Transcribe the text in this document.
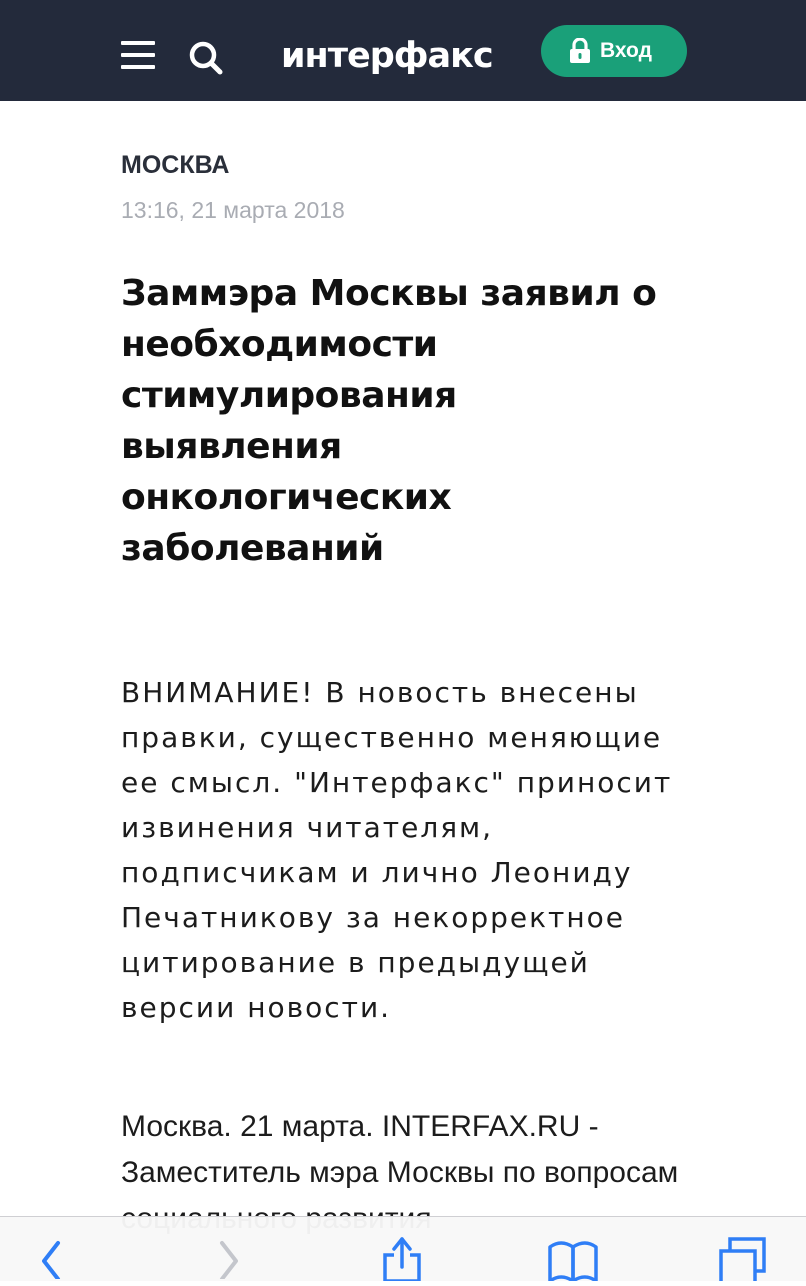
интерфакс	Вход
МОСКВА
13:16, 21 марта 2018
Заммэра Москвы заявил о необходимости стимулирования выявления онкологических заболеваний

ВНИМАНИЕ! В новость внесены правки, существенно меняющие ее смысл. "Интерфакс" приносит извинения читателям, подписчикам и лично Леониду Печатникову за некорректное цитирование в предыдущей версии новости.

Москва. 21 марта. INTERFAX.RU - Заместитель мэра Москвы по вопросам
